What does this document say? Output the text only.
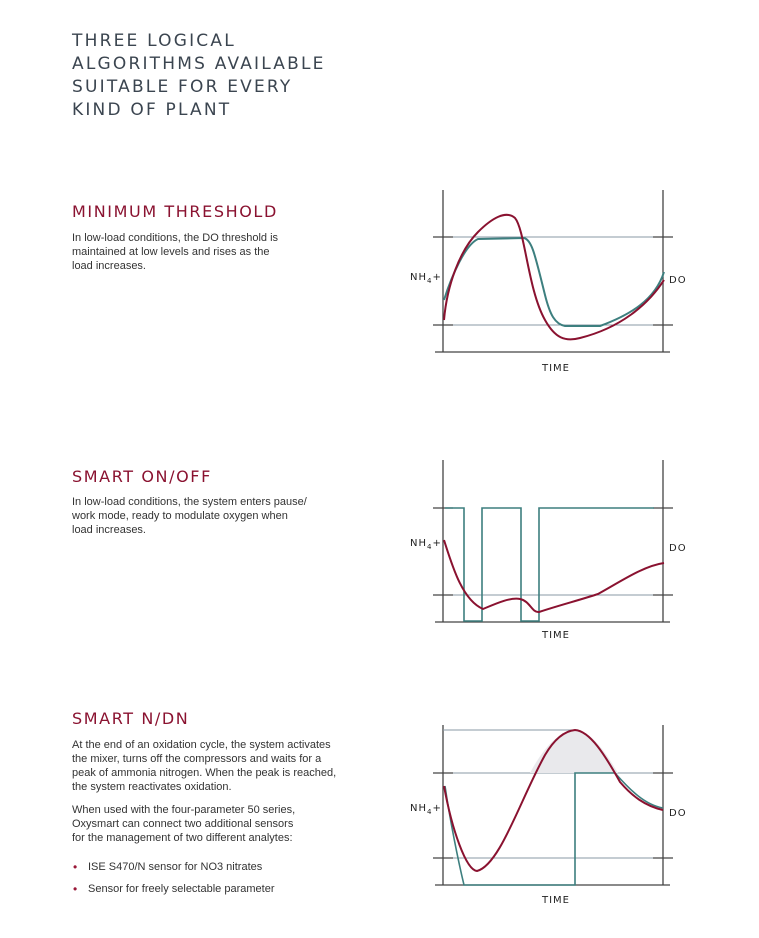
THREE LOGICAL
ALGORITHMS AVAILABLE
SUITABLE FOR EVERY
KIND OF PLANT
MINIMUM THRESHOLD

In low-load conditions, the DO threshold is
maintained at low levels and rises as the
load increases.

$NH_4+$	DO
TIME
SMART ON/OFF

In low-load conditions, the system enters pause/
work mode, ready to modulate oxygen when
load increases.

$NH_4+$	DO
TIME
SMART N/DN

At the end of an oxidation cycle, the system activates
the mixer, turns off the compressors and waits for a
peak of ammonia nitrogen. When the peak is reached,
the system reactivates oxidation.

When used with the four-parameter 50 series,
Oxysmart can connect two additional sensors
for the management of two different analytes:

• ISE S470/N sensor for NO3 nitrates
• Sensor for freely selectable parameter
$NH_4+$	DO
TIME
